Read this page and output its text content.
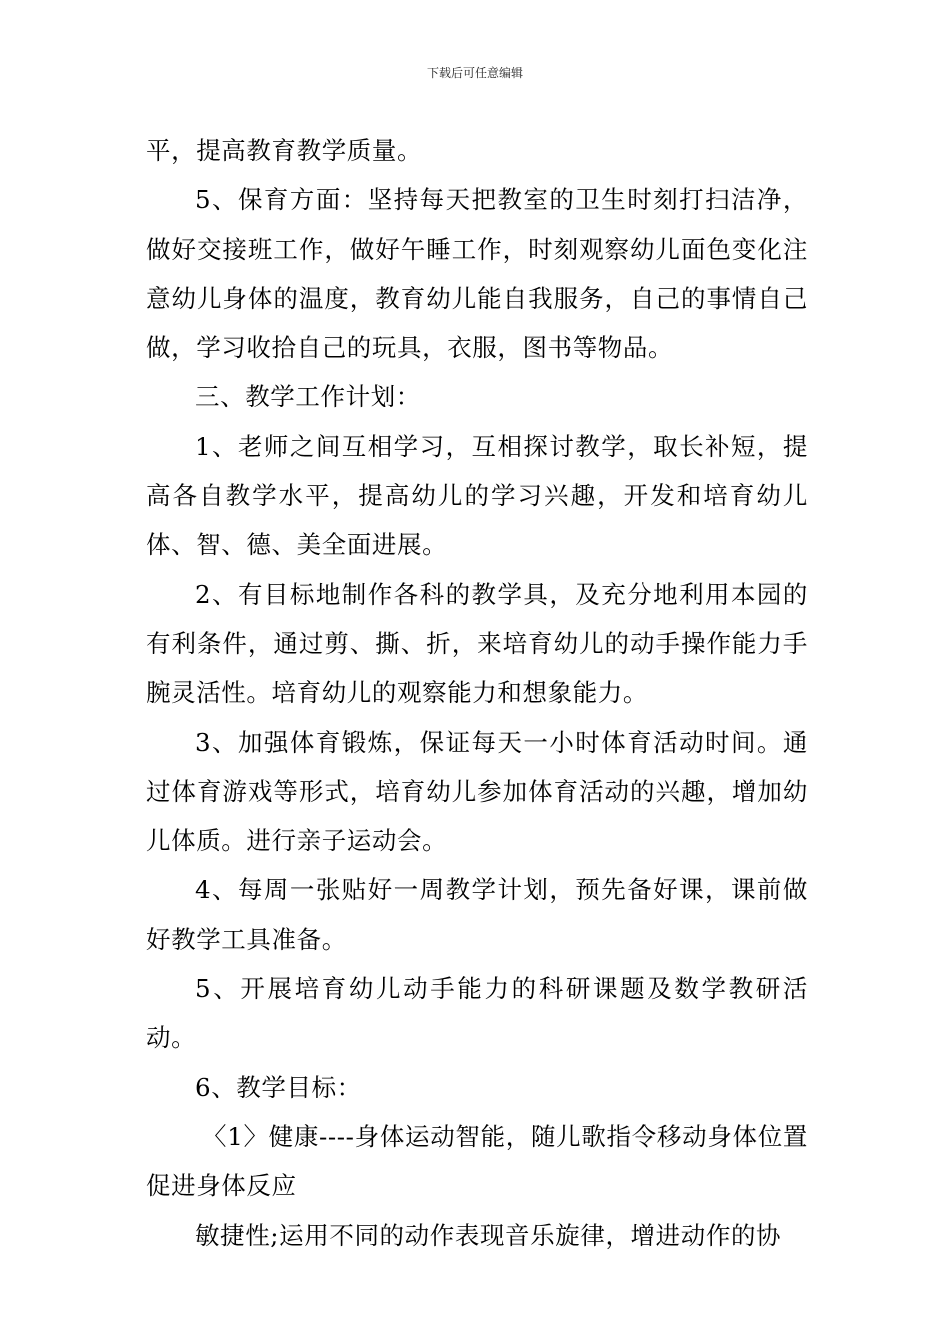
下载后可任意编辑

平，提高教育教学质量。

5、保育方面：坚持每天把教室的卫生时刻打扫洁净，做好交接班工作，做好午睡工作，时刻观察幼儿面色变化注意幼儿身体的温度，教育幼儿能自我服务，自己的事情自己做，学习收拾自己的玩具，衣服，图书等物品。

三、教学工作计划：

1、老师之间互相学习，互相探讨教学，取长补短，提高各自教学水平，提高幼儿的学习兴趣，开发和培育幼儿体、智、德、美全面进展。

2、有目标地制作各科的教学具，及充分地利用本园的有利条件，通过剪、撕、折，来培育幼儿的动手操作能力手腕灵活性。培育幼儿的观察能力和想象能力。

3、加强体育锻炼，保证每天一小时体育活动时间。通过体育游戏等形式，培育幼儿参加体育活动的兴趣，增加幼儿体质。进行亲子运动会。

4、每周一张贴好一周教学计划，预先备好课，课前做好教学工具准备。

5、开展培育幼儿动手能力的科研课题及数学教研活动。

6、教学目标：

〈1〉健康----身体运动智能，随儿歌指令移动身体位置促进身体反应

敏捷性;运用不同的动作表现音乐旋律，增进动作的协
